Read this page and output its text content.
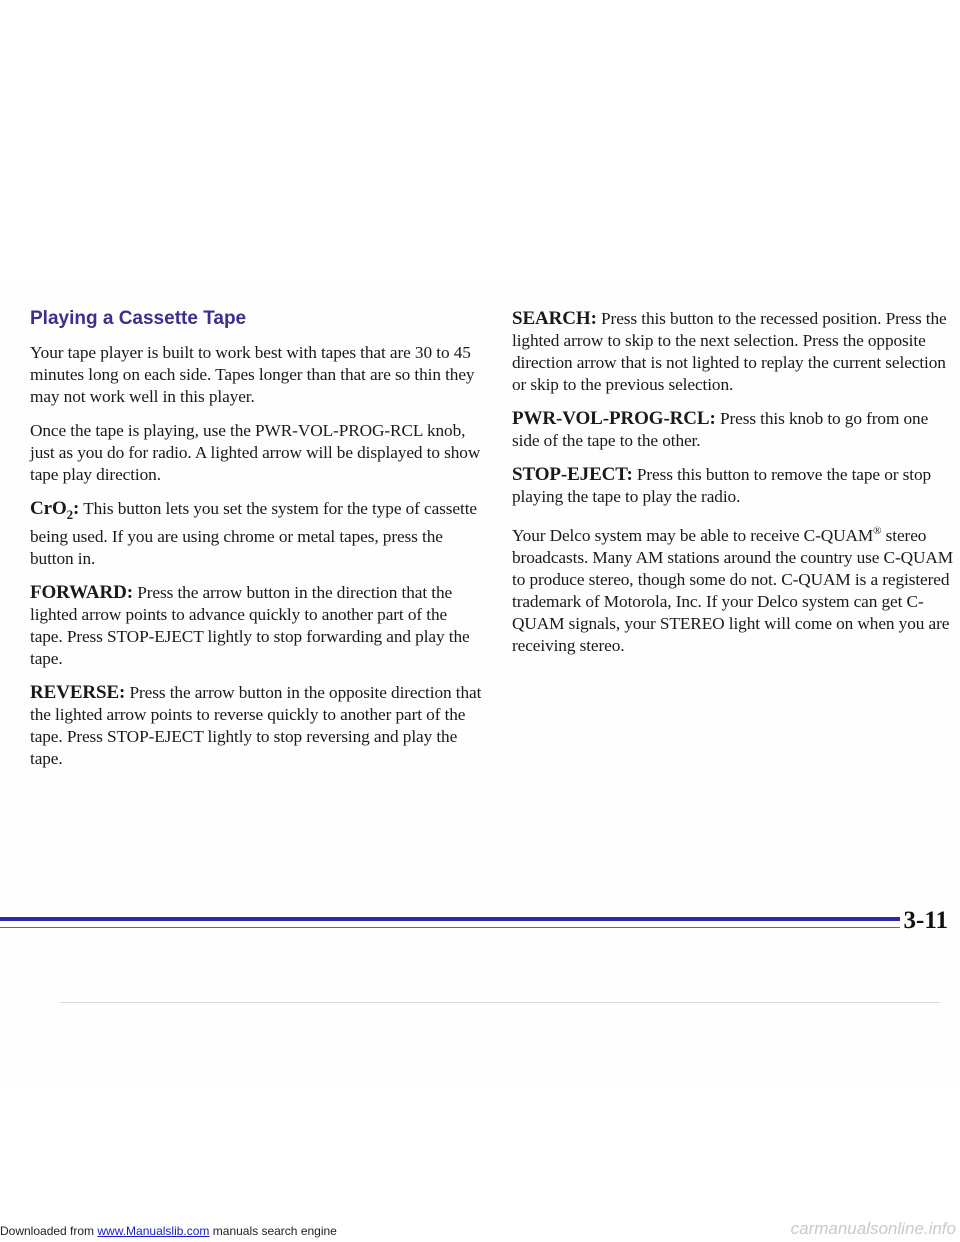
Playing a Cassette Tape

Your tape player is built to work best with tapes that are 30 to 45 minutes long on each side. Tapes longer than that are so thin they may not work well in this player.

Once the tape is playing, use the PWR-VOL-PROG-RCL knob, just as you do for radio. A lighted arrow will be displayed to show tape play direction.

CrO$_2$: This button lets you set the system for the type of cassette being used. If you are using chrome or metal tapes, press the button in.

FORWARD: Press the arrow button in the direction that the lighted arrow points to advance quickly to another part of the tape. Press STOP-EJECT lightly to stop forwarding and play the tape.

REVERSE: Press the arrow button in the opposite direction that the lighted arrow points to reverse quickly to another part of the tape. Press STOP-EJECT lightly to stop reversing and play the tape.

SEARCH: Press this button to the recessed position. Press the lighted arrow to skip to the next selection. Press the opposite direction arrow that is not lighted to replay the current selection or skip to the previous selection.

PWR-VOL-PROG-RCL: Press this knob to go from one side of the tape to the other.

STOP-EJECT: Press this button to remove the tape or stop playing the tape to play the radio.

Your Delco system may be able to receive C-QUAM® stereo broadcasts. Many AM stations around the country use C-QUAM to produce stereo, though some do not. C-QUAM is a registered trademark of Motorola, Inc. If your Delco system can get C-QUAM signals, your STEREO light will come on when you are receiving stereo.

3-11
Downloaded from www.Manualslib.com manuals search engine	carmanualsonline.info
